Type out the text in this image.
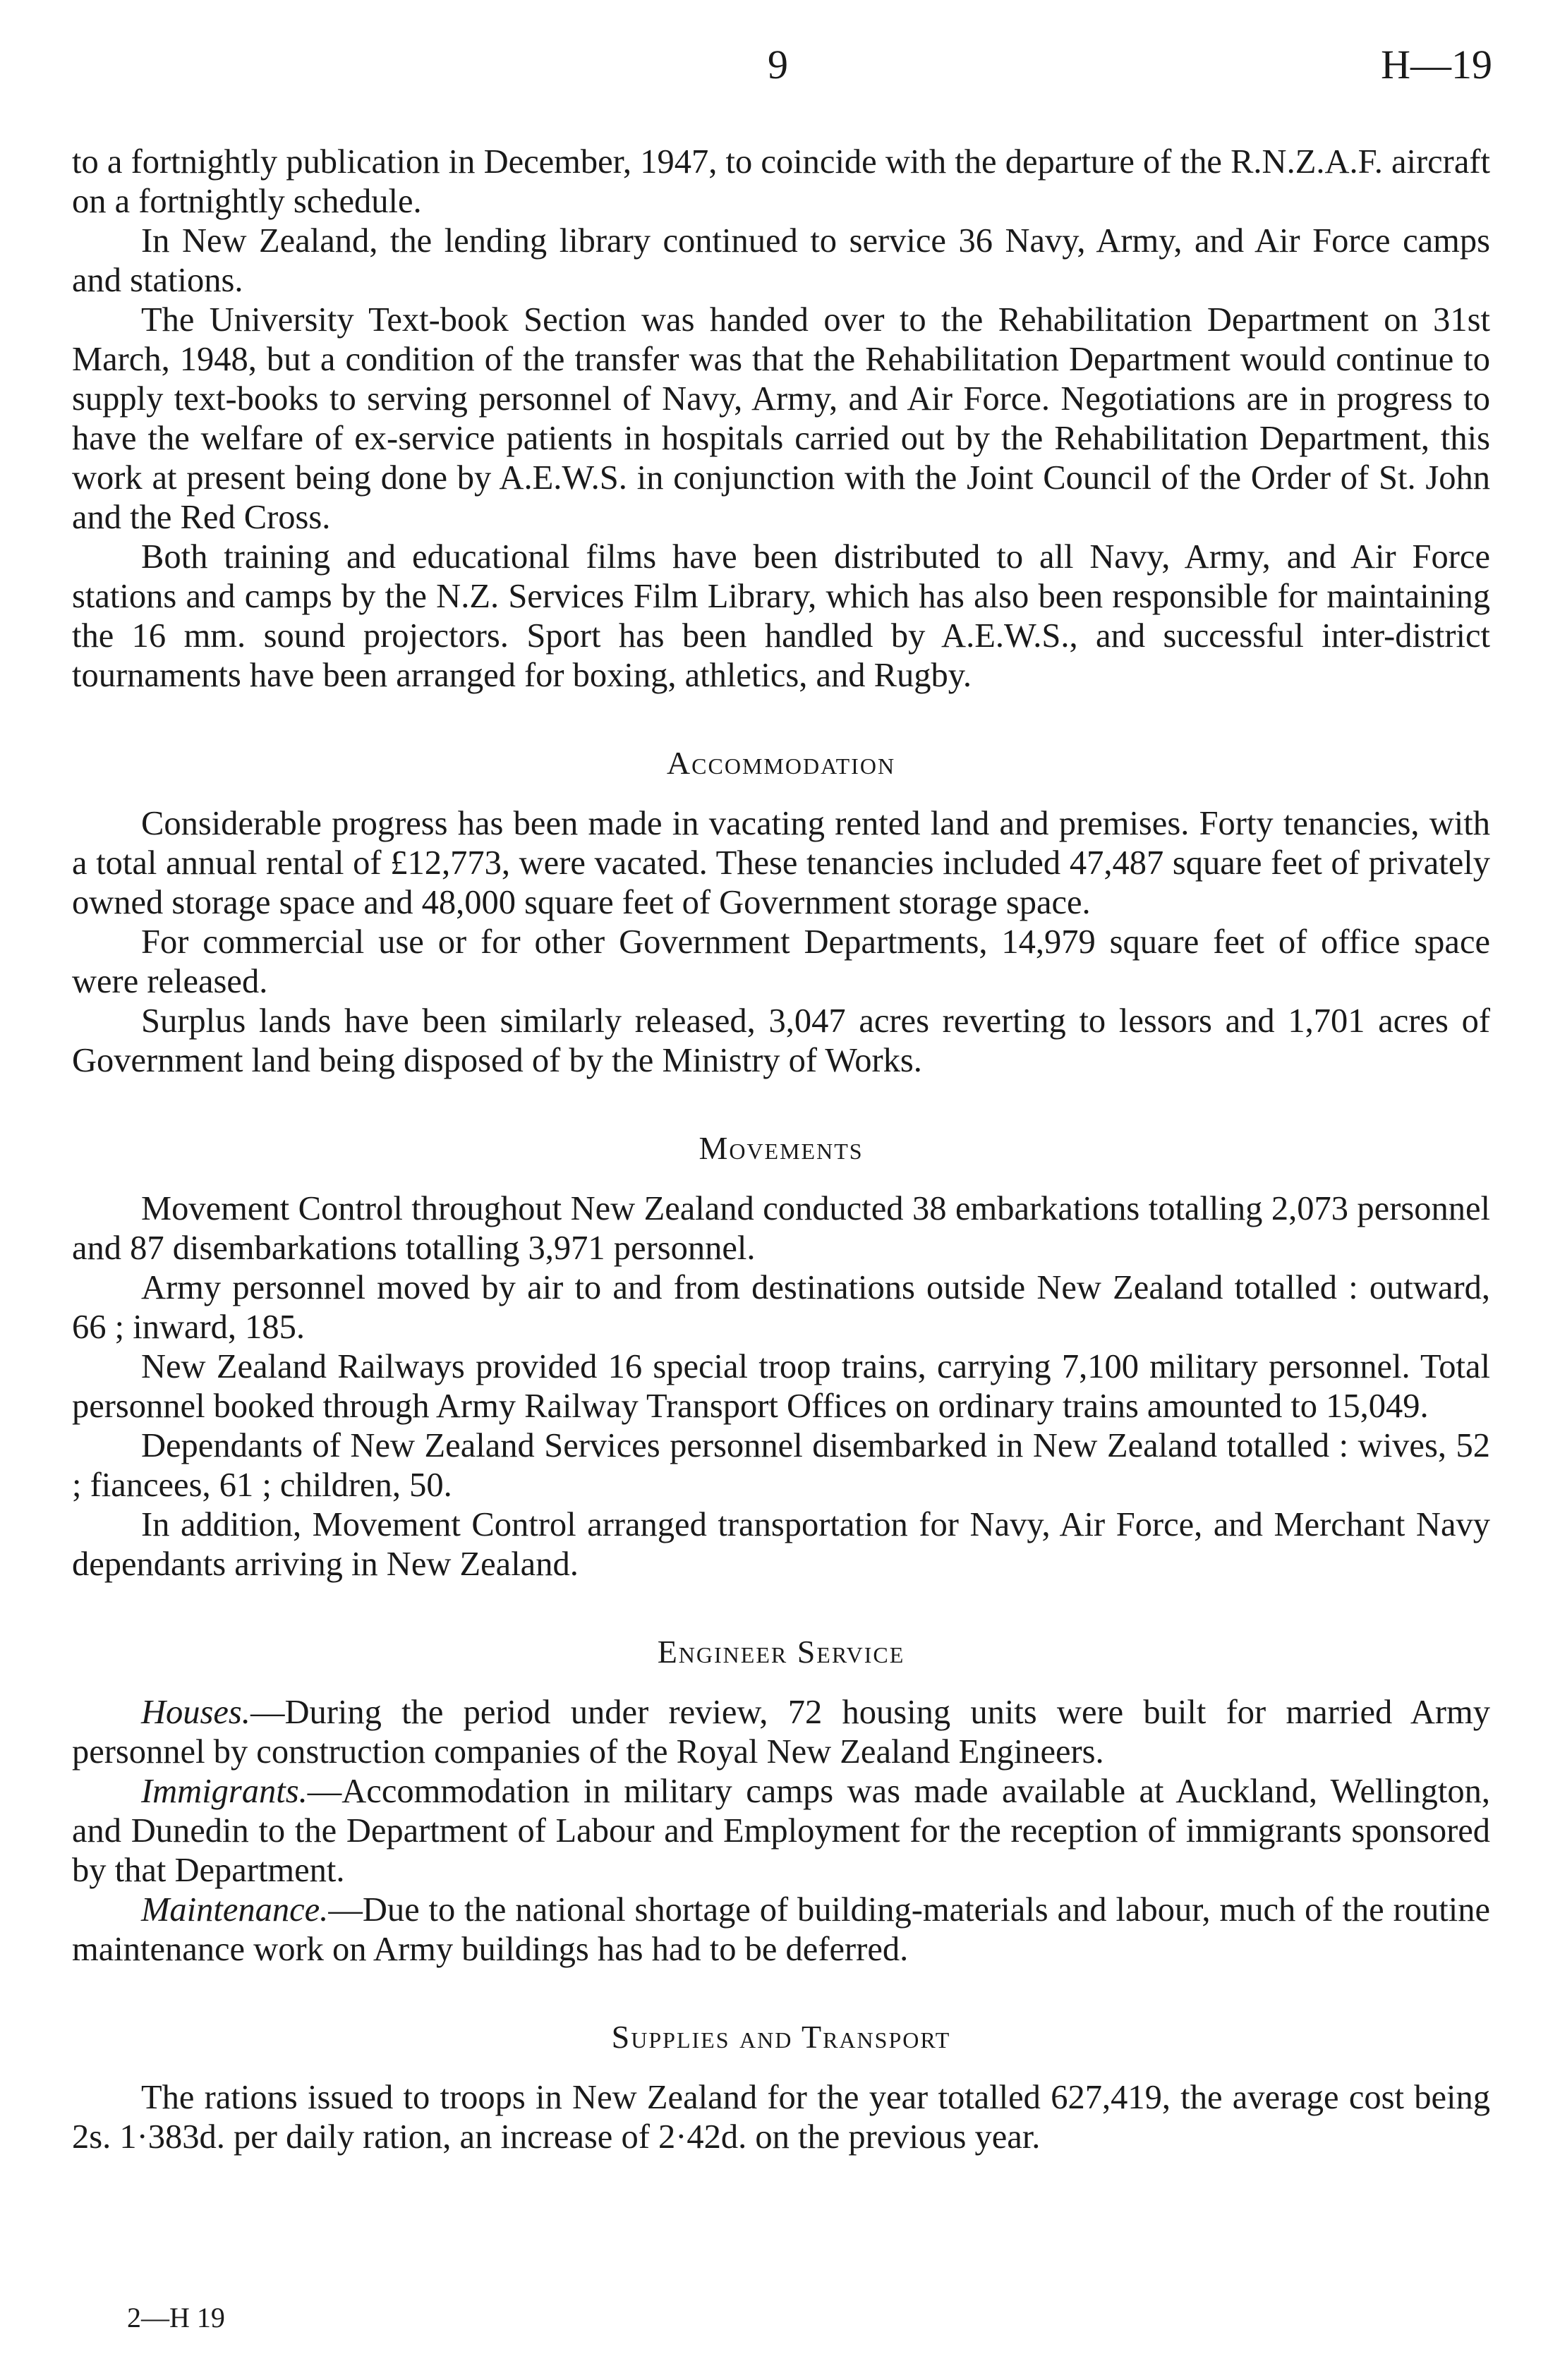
9	H—19

to a fortnightly publication in December, 1947, to coincide with the departure of the R.N.Z.A.F. aircraft on a fortnightly schedule.

In New Zealand, the lending library continued to service 36 Navy, Army, and Air Force camps and stations.

The University Text-book Section was handed over to the Rehabilitation Department on 31st March, 1948, but a condition of the transfer was that the Rehabilitation Department would continue to supply text-books to serving personnel of Navy, Army, and Air Force. Negotiations are in progress to have the welfare of ex-service patients in hospitals carried out by the Rehabilitation Department, this work at present being done by A.E.W.S. in conjunction with the Joint Council of the Order of St. John and the Red Cross.

Both training and educational films have been distributed to all Navy, Army, and Air Force stations and camps by the N.Z. Services Film Library, which has also been responsible for maintaining the 16 mm. sound projectors. Sport has been handled by A.E.W.S., and successful inter-district tournaments have been arranged for boxing, athletics, and Rugby.

Accommodation

Considerable progress has been made in vacating rented land and premises. Forty tenancies, with a total annual rental of £12,773, were vacated. These tenancies included 47,487 square feet of privately owned storage space and 48,000 square feet of Government storage space.

For commercial use or for other Government Departments, 14,979 square feet of office space were released.

Surplus lands have been similarly released, 3,047 acres reverting to lessors and 1,701 acres of Government land being disposed of by the Ministry of Works.

Movements

Movement Control throughout New Zealand conducted 38 embarkations totalling 2,073 personnel and 87 disembarkations totalling 3,971 personnel.

Army personnel moved by air to and from destinations outside New Zealand totalled : outward, 66 ; inward, 185.

New Zealand Railways provided 16 special troop trains, carrying 7,100 military personnel. Total personnel booked through Army Railway Transport Offices on ordinary trains amounted to 15,049.

Dependants of New Zealand Services personnel disembarked in New Zealand totalled : wives, 52 ; fiancees, 61 ; children, 50.

In addition, Movement Control arranged transportation for Navy, Air Force, and Merchant Navy dependants arriving in New Zealand.

Engineer Service

Houses.—During the period under review, 72 housing units were built for married Army personnel by construction companies of the Royal New Zealand Engineers.

Immigrants.—Accommodation in military camps was made available at Auckland, Wellington, and Dunedin to the Department of Labour and Employment for the reception of immigrants sponsored by that Department.

Maintenance.—Due to the national shortage of building-materials and labour, much of the routine maintenance work on Army buildings has had to be deferred.

Supplies and Transport

The rations issued to troops in New Zealand for the year totalled 627,419, the average cost being 2s. 1·383d. per daily ration, an increase of 2·42d. on the previous year.

2—H 19
